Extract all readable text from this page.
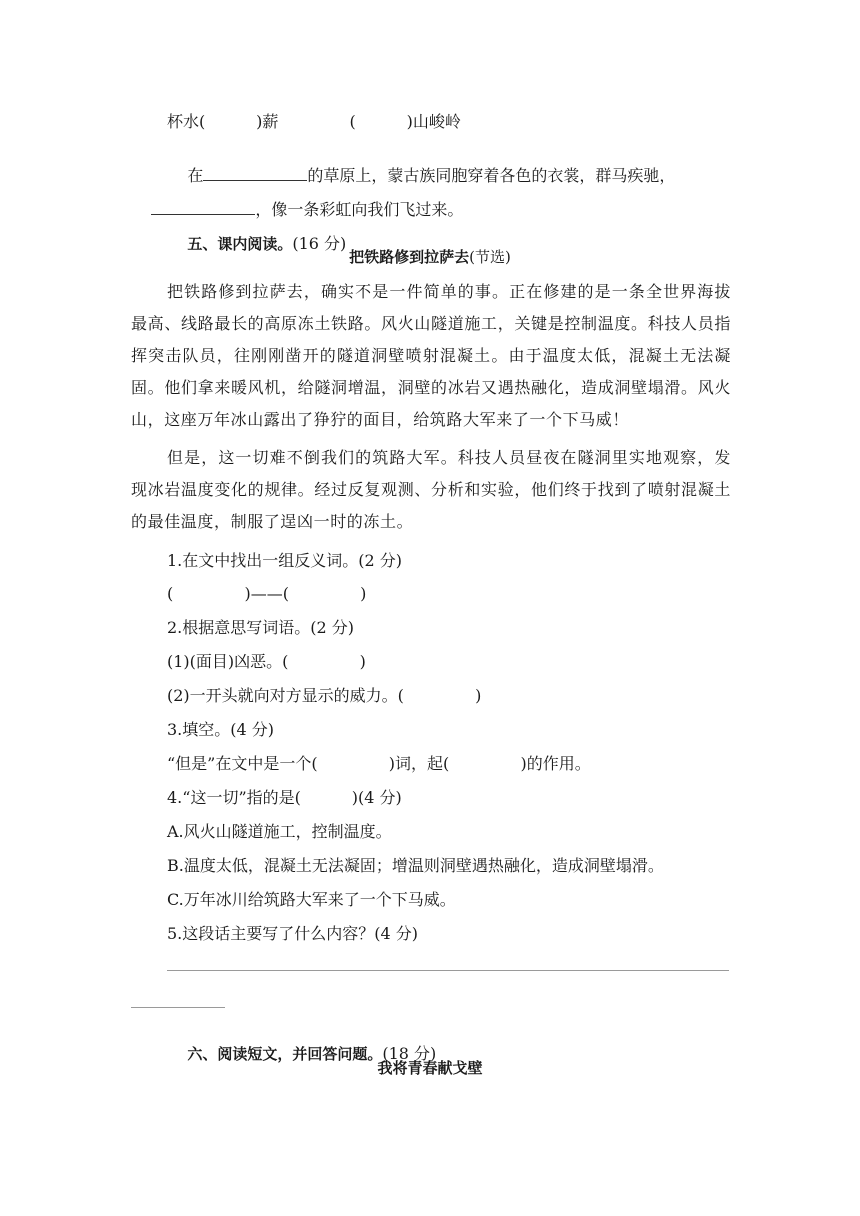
杯水(          )薪              (          )山峻岭

在	的草原上，蒙古族同胞穿着各色的衣裳，群马疾驰，

，像一条彩虹向我们飞过来。

五、课内阅读。(16 分)

把铁路修到拉萨去(节选)
把铁路修到拉萨去，确实不是一件简单的事。正在修建的是一条全世界海拔最高、线路最长的高原冻土铁路。风火山隧道施工，关键是控制温度。科技人员指挥突击队员，往刚刚凿开的隧道洞壁喷射混凝土。由于温度太低，混凝土无法凝固。他们拿来暖风机，给隧洞增温，洞壁的冰岩又遇热融化，造成洞壁塌滑。风火山，这座万年冰山露出了狰狞的面目，给筑路大军来了一个下马威！
但是，这一切难不倒我们的筑路大军。科技人员昼夜在隧洞里实地观察，发现冰岩温度变化的规律。经过反复观测、分析和实验，他们终于找到了喷射混凝土的最佳温度，制服了逞凶一时的冻土。
1.在文中找出一组反义词。(2 分)
(              )——(              )
2.根据意思写词语。(2 分)
(1)(面目)凶恶。(              )
(2)一开头就向对方显示的威力。(              )
3.填空。(4 分)
“但是”在文中是一个(              )词，起(              )的作用。
4.“这一切”指的是(          )(4 分)
A.风火山隧道施工，控制温度。
B.温度太低，混凝土无法凝固；增温则洞壁遇热融化，造成洞壁塌滑。
C.万年冰川给筑路大军来了一个下马威。
5.这段话主要写了什么内容？(4 分)

六、阅读短文，并回答问题。(18 分)

我将青春献戈壁
